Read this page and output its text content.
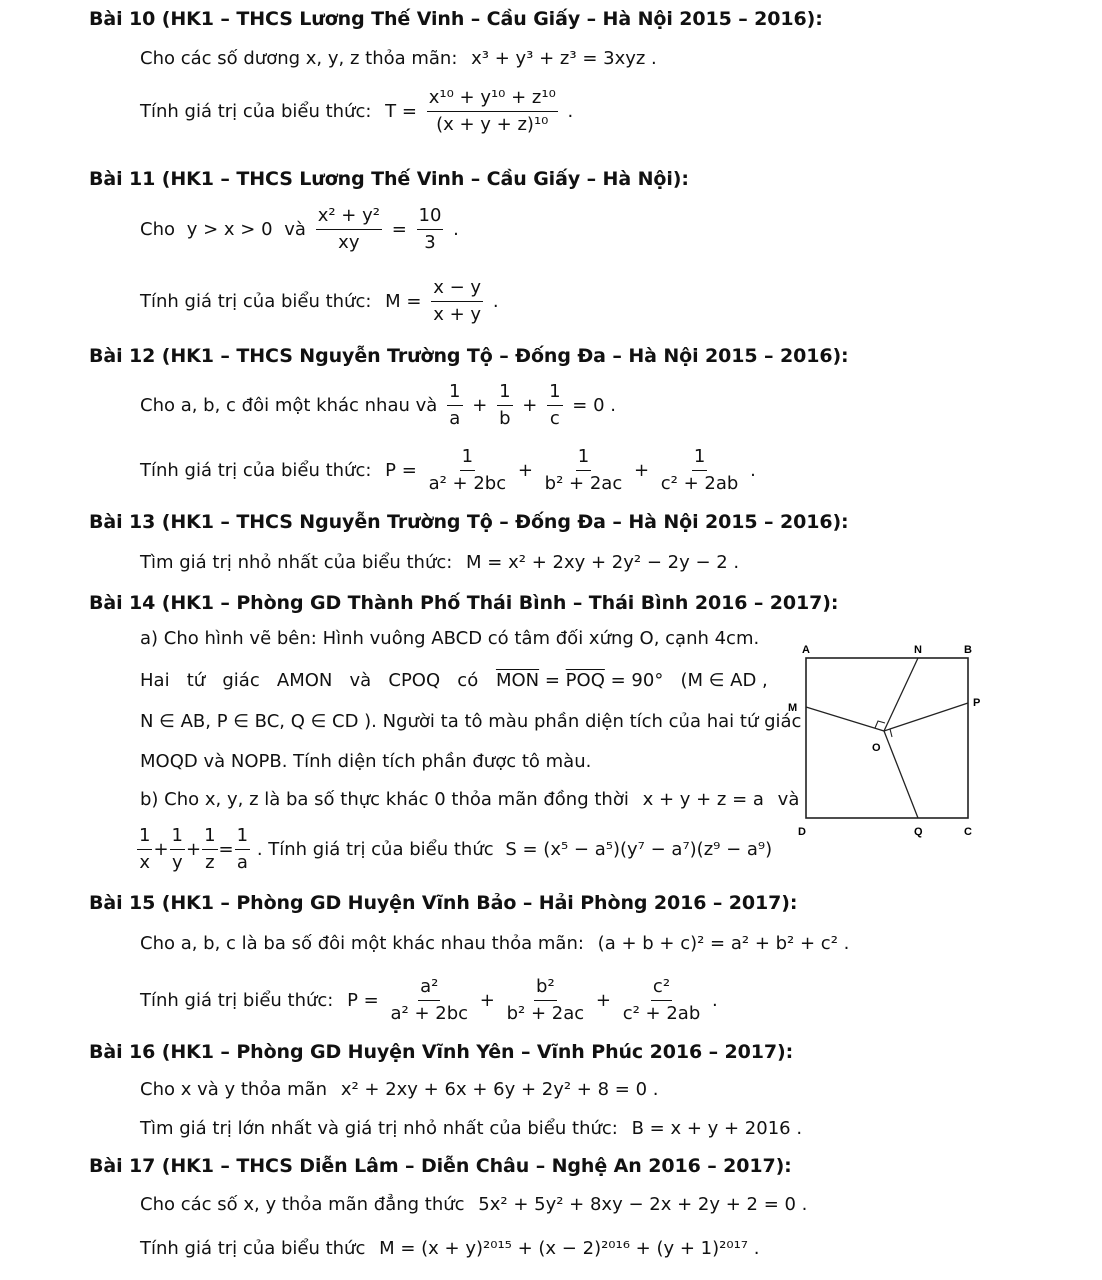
Bài 10 (HK1 – THCS Lương Thế Vinh – Cầu Giấy – Hà Nội 2015 – 2016):
Cho các số dương x, y, z thỏa mãn: x³ + y³ + z³ = 3xyz .
Tính giá trị của biểu thức: $T = \frac{\text{x¹⁰ + y¹⁰ + z¹⁰}}{\text{(x + y + z)¹⁰}}$ .
Bài 11 (HK1 – THCS Lương Thế Vinh – Cầu Giấy – Hà Nội):
Cho y > x > 0 và $\frac{\text{x² + y²}}{xy} = \frac{10}{3}$ .
Tính giá trị của biểu thức: $M = \frac{x - y}{x + y}$ .
Bài 12 (HK1 – THCS Nguyễn Trường Tộ – Đống Đa – Hà Nội 2015 – 2016):
Cho a, b, c đôi một khác nhau và $\frac{1}{a} + \frac{1}{b} + \frac{1}{c} = 0$ .
Tính giá trị của biểu thức: $P = \frac{1}{\text{a² + 2bc}} + \frac{1}{\text{b² + 2ac}} + \frac{1}{\text{c² + 2ab}}$ .
Bài 13 (HK1 – THCS Nguyễn Trường Tộ – Đống Đa – Hà Nội 2015 – 2016):
Tìm giá trị nhỏ nhất của biểu thức: M = x² + 2xy + 2y² − 2y − 2 .
Bài 14 (HK1 – Phòng GD Thành Phố Thái Bình – Thái Bình 2016 – 2017):
a) Cho hình vẽ bên: Hình vuông ABCD có tâm đối xứng O, cạnh 4cm.
Hai   tứ   giác   AMON   và   CPOQ   có $\overline{MON} = \overline{POQ} = 90^\circ$   (M ∈ AD ,
N ∈ AB, P ∈ BC, Q ∈ CD ). Người ta tô màu phần diện tích của hai tứ giác
MOQD và NOPB. Tính diện tích phần được tô màu.
b) Cho x, y, z là ba số thực khác 0 thỏa mãn đồng thời x + y + z = a và
$\frac{1}{x} + \frac{1}{y} + \frac{1}{z} = \frac{1}{a}$ . Tính giá trị của biểu thức S = (x⁵ − a⁵)(y⁷ − a⁷)(z⁹ − a⁹)
A	N	B
M	P
O
D	Q	C
Bài 15 (HK1 – Phòng GD Huyện Vĩnh Bảo – Hải Phòng 2016 – 2017):
Cho a, b, c là ba số đôi một khác nhau thỏa mãn: (a + b + c)² = a² + b² + c² .
Tính giá trị biểu thức: $P = \frac{\text{a²}}{\text{a² + 2bc}} + \frac{\text{b²}}{\text{b² + 2ac}} + \frac{\text{c²}}{\text{c² + 2ab}}$ .
Bài 16 (HK1 – Phòng GD Huyện Vĩnh Yên – Vĩnh Phúc 2016 – 2017):
Cho x và y thỏa mãn x² + 2xy + 6x + 6y + 2y² + 8 = 0 .
Tìm giá trị lớn nhất và giá trị nhỏ nhất của biểu thức: B = x + y + 2016 .
Bài 17 (HK1 – THCS Diễn Lâm – Diễn Châu – Nghệ An 2016 – 2017):
Cho các số x, y thỏa mãn đẳng thức 5x² + 5y² + 8xy − 2x + 2y + 2 = 0 .
Tính giá trị của biểu thức M = (x + y)²⁰¹⁵ + (x − 2)²⁰¹⁶ + (y + 1)²⁰¹⁷ .
